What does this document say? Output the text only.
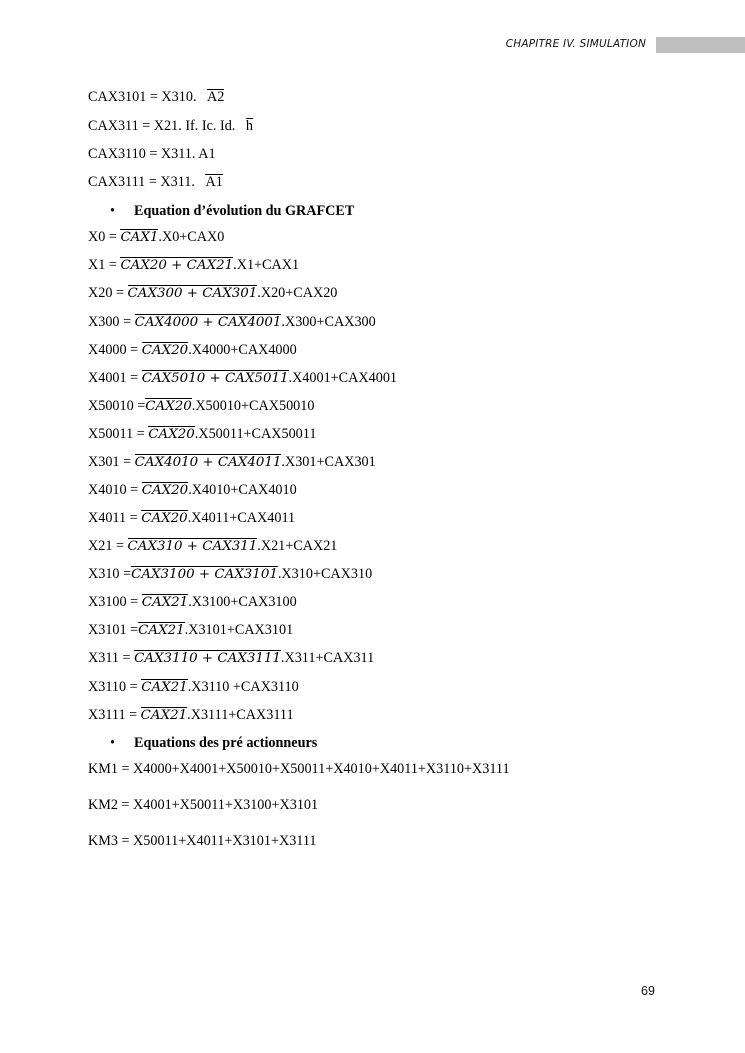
CHAPITRE IV. SIMULATION
CAX3101 = X310. A2
CAX311 = X21. If. Ic. Id. h
CAX3110 = X311. A1
CAX3111 = X311. A1
• Equation d’évolution du GRAFCET
X0 = CAX1.X0+CAX0
X1 = CAX20 + CAX21.X1+CAX1
X20 = CAX300 + CAX301.X20+CAX20
X300 = CAX4000 + CAX4001.X300+CAX300
X4000 = CAX20.X4000+CAX4000
X4001 = CAX5010 + CAX5011.X4001+CAX4001
X50010 =CAX20.X50010+CAX50010
X50011 = CAX20.X50011+CAX50011
X301 = CAX4010 + CAX4011.X301+CAX301
X4010 = CAX20.X4010+CAX4010
X4011 = CAX20.X4011+CAX4011
X21 = CAX310 + CAX311.X21+CAX21
X310 =CAX3100 + CAX3101.X310+CAX310
X3100 = CAX21.X3100+CAX3100
X3101 =CAX21.X3101+CAX3101
X311 = CAX3110 + CAX3111.X311+CAX311
X3110 = CAX21.X3110 +CAX3110
X3111 = CAX21.X3111+CAX3111
• Equations des pré actionneurs
KM1 = X4000+X4001+X50010+X50011+X4010+X4011+X3110+X3111
KM2 = X4001+X50011+X3100+X3101
KM3 = X50011+X4011+X3101+X3111
69
